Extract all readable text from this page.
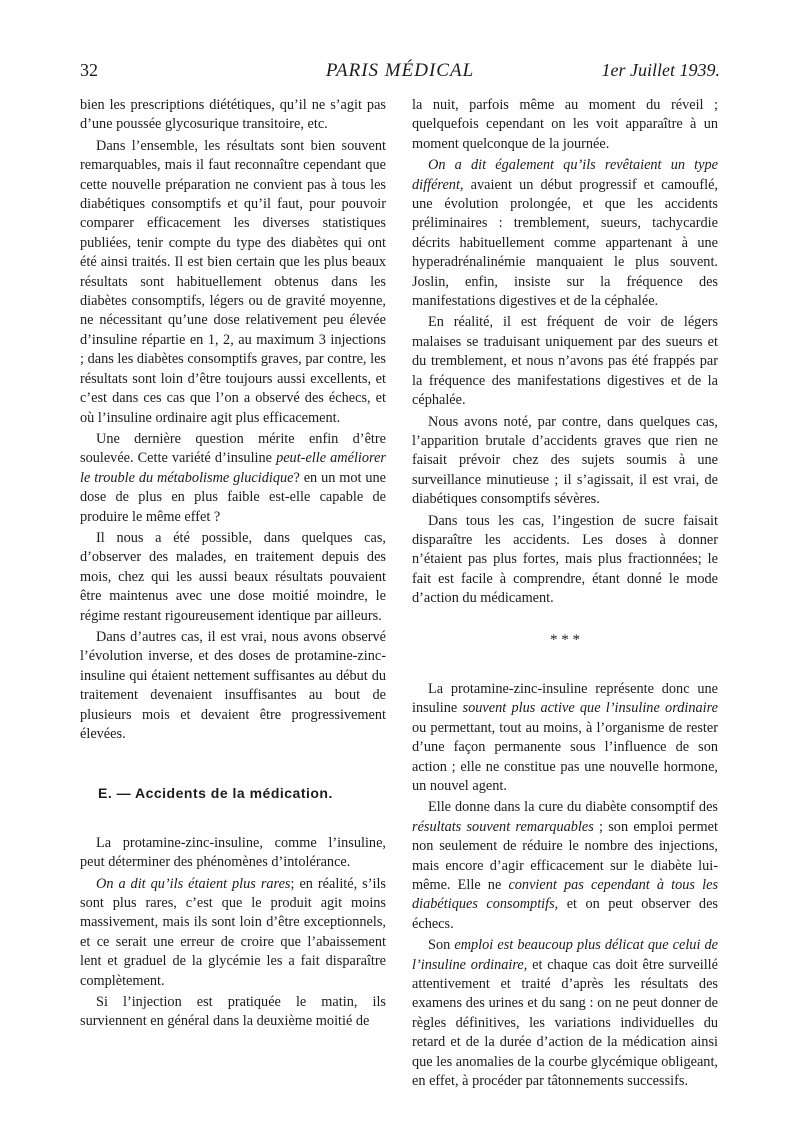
32	PARIS MÉDICAL	1er Juillet 1939.

bien les prescriptions diététiques, qu’il ne s’agit pas d’une poussée glycosurique transitoire, etc.

Dans l’ensemble, les résultats sont bien souvent remarquables, mais il faut reconnaître cependant que cette nouvelle préparation ne convient pas à tous les diabétiques consomptifs et qu’il faut, pour pouvoir comparer efficacement les diverses statistiques publiées, tenir compte du type des diabètes qui ont été ainsi traités. Il est bien certain que les plus beaux résultats sont habituellement obtenus dans les diabètes consomptifs, légers ou de gravité moyenne, ne nécessitant qu’une dose relativement peu élevée d’insuline répartie en 1, 2, au maximum 3 injections ; dans les diabètes consomptifs graves, par contre, les résultats sont loin d’être toujours aussi excellents, et c’est dans ces cas que l’on a observé des échecs, et où l’insuline ordinaire agit plus efficacement.

Une dernière question mérite enfin d’être soulevée. Cette variété d’insuline peut-elle améliorer le trouble du métabolisme glucidique? en un mot une dose de plus en plus faible est-elle capable de produire le même effet ?

Il nous a été possible, dans quelques cas, d’observer des malades, en traitement depuis des mois, chez qui les aussi beaux résultats pouvaient être maintenus avec une dose moitié moindre, le régime restant rigoureusement identique par ailleurs.

Dans d’autres cas, il est vrai, nous avons observé l’évolution inverse, et des doses de protamine-zinc-insuline qui étaient nettement suffisantes au début du traitement devenaient insuffisantes au bout de plusieurs mois et devaient être progressivement élevées.

E. — Accidents de la médication.

La protamine-zinc-insuline, comme l’insuline, peut déterminer des phénomènes d’intolérance.

On a dit qu’ils étaient plus rares; en réalité, s’ils sont plus rares, c’est que le produit agit moins massivement, mais ils sont loin d’être exceptionnels, et ce serait une erreur de croire que l’abaissement lent et graduel de la glycémie les a fait disparaître complètement.

Si l’injection est pratiquée le matin, ils surviennent en général dans la deuxième moitié de

la nuit, parfois même au moment du réveil ; quelquefois cependant on les voit apparaître à un moment quelconque de la journée.

On a dit également qu’ils revêtaient un type différent, avaient un début progressif et camouflé, une évolution prolongée, et que les accidents préliminaires : tremblement, sueurs, tachycardie décrits habituellement comme appartenant à une hyperadrénalinémie manquaient le plus souvent. Joslin, enfin, insiste sur la fréquence des manifestations digestives et de la céphalée.

En réalité, il est fréquent de voir de légers malaises se traduisant uniquement par des sueurs et du tremblement, et nous n’avons pas été frappés par la fréquence des manifestations digestives et de la céphalée.

Nous avons noté, par contre, dans quelques cas, l’apparition brutale d’accidents graves que rien ne faisait prévoir chez des sujets soumis à une surveillance minutieuse ; il s’agissait, il est vrai, de diabétiques consomptifs sévères.

Dans tous les cas, l’ingestion de sucre faisait disparaître les accidents. Les doses à donner n’étaient pas plus fortes, mais plus fractionnées; le fait est facile à comprendre, étant donné le mode d’action du médicament.

* * *

La protamine-zinc-insuline représente donc une insuline souvent plus active que l’insuline ordinaire ou permettant, tout au moins, à l’organisme de rester d’une façon permanente sous l’influence de son action ; elle ne constitue pas une nouvelle hormone, un nouvel agent.

Elle donne dans la cure du diabète consomptif des résultats souvent remarquables ; son emploi permet non seulement de réduire le nombre des injections, mais encore d’agir efficacement sur le diabète lui-même. Elle ne convient pas cependant à tous les diabétiques consomptifs, et on peut observer des échecs.

Son emploi est beaucoup plus délicat que celui de l’insuline ordinaire, et chaque cas doit être surveillé attentivement et traité d’après les résultats des examens des urines et du sang : on ne peut donner de règles définitives, les variations individuelles du retard et de la durée d’action de la médication ainsi que les anomalies de la courbe glycémique obligeant, en effet, à procéder par tâtonnements successifs.
